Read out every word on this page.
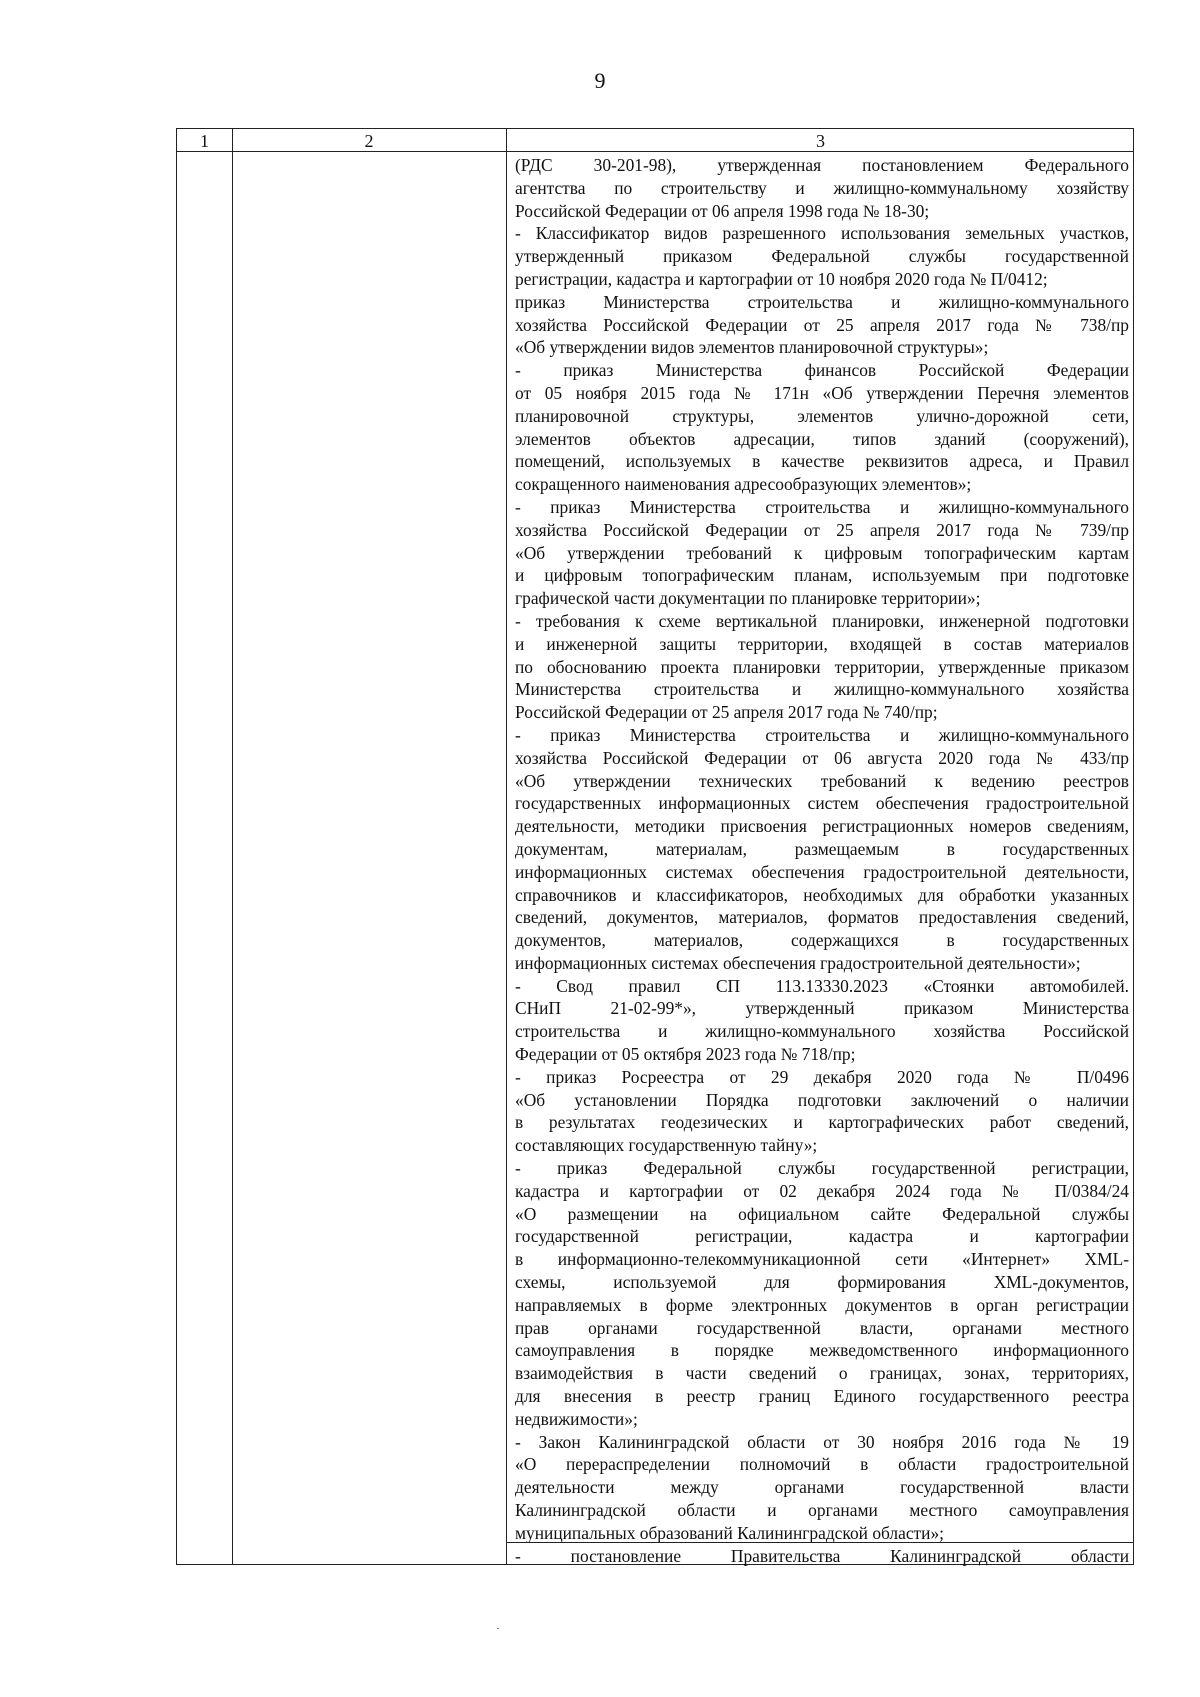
9
1	2	3
(РДС 30-201-98), утвержденная постановлением Федерального
агентства по строительству и жилищно-коммунальному хозяйству
Российской Федерации от 06 апреля 1998 года № 18-30;
- Классификатор видов разрешенного использования земельных участков,
утвержденный приказом Федеральной службы государственной
регистрации, кадастра и картографии от 10 ноября 2020 года № П/0412;
приказ Министерства строительства и жилищно-коммунального
хозяйства Российской Федерации от 25 апреля 2017 года № 738/пр
«Об утверждении видов элементов планировочной структуры»;
- приказ Министерства финансов Российской Федерации
от 05 ноября 2015 года № 171н «Об утверждении Перечня элементов
планировочной структуры, элементов улично-дорожной сети,
элементов объектов адресации, типов зданий (сооружений),
помещений, используемых в качестве реквизитов адреса, и Правил
сокращенного наименования адресообразующих элементов»;
- приказ Министерства строительства и жилищно-коммунального
хозяйства Российской Федерации от 25 апреля 2017 года № 739/пр
«Об утверждении требований к цифровым топографическим картам
и цифровым топографическим планам, используемым при подготовке
графической части документации по планировке территории»;
- требования к схеме вертикальной планировки, инженерной подготовки
и инженерной защиты территории, входящей в состав материалов
по обоснованию проекта планировки территории, утвержденные приказом
Министерства строительства и жилищно-коммунального хозяйства
Российской Федерации от 25 апреля 2017 года № 740/пр;
- приказ Министерства строительства и жилищно-коммунального
хозяйства Российской Федерации от 06 августа 2020 года № 433/пр
«Об утверждении технических требований к ведению реестров
государственных информационных систем обеспечения градостроительной
деятельности, методики присвоения регистрационных номеров сведениям,
документам, материалам, размещаемым в государственных
информационных системах обеспечения градостроительной деятельности,
справочников и классификаторов, необходимых для обработки указанных
сведений, документов, материалов, форматов предоставления сведений,
документов, материалов, содержащихся в государственных
информационных системах обеспечения градостроительной деятельности»;
- Свод правил СП 113.13330.2023 «Стоянки автомобилей.
СНиП 21-02-99*», утвержденный приказом Министерства
строительства и жилищно-коммунального хозяйства Российской
Федерации от 05 октября 2023 года № 718/пр;
- приказ Росреестра от 29 декабря 2020 года № П/0496
«Об установлении Порядка подготовки заключений о наличии
в результатах геодезических и картографических работ сведений,
составляющих государственную тайну»;
- приказ Федеральной службы государственной регистрации,
кадастра и картографии от 02 декабря 2024 года № П/0384/24
«О размещении на официальном сайте Федеральной службы
государственной регистрации, кадастра и картографии
в информационно-телекоммуникационной сети «Интернет» XML-
схемы, используемой для формирования XML-документов,
направляемых в форме электронных документов в орган регистрации
прав органами государственной власти, органами местного
самоуправления в порядке межведомственного информационного
взаимодействия в части сведений о границах, зонах, территориях,
для внесения в реестр границ Единого государственного реестра
недвижимости»;
- Закон Калининградской области от 30 ноября 2016 года № 19
«О перераспределении полномочий в области градостроительной
деятельности между органами государственной власти
Калининградской области и органами местного самоуправления
муниципальных образований Калининградской области»;
- постановление Правительства Калининградской области
